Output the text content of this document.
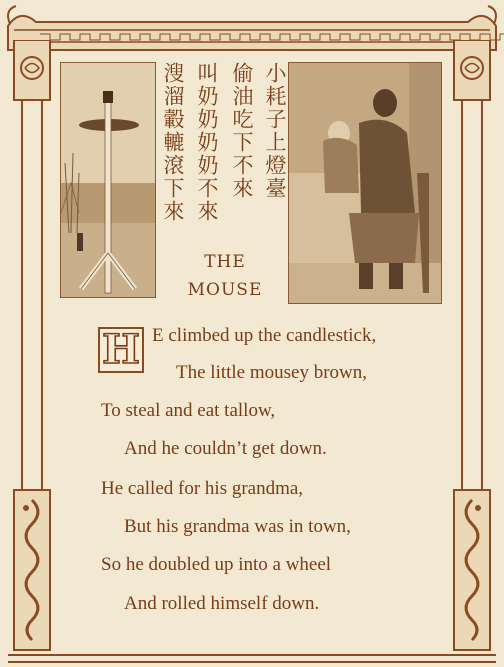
小耗子上燈臺
偷油吃下不來
叫奶奶奶奶不來
溲溜轂轆滾下來
THE
MOUSE
H E climbed up the candlestick,
The little mousey brown,
To steal and eat tallow,
And he couldn’t get down.
He called for his grandma,
But his grandma was in town,
So he doubled up into a wheel
And rolled himself down.
